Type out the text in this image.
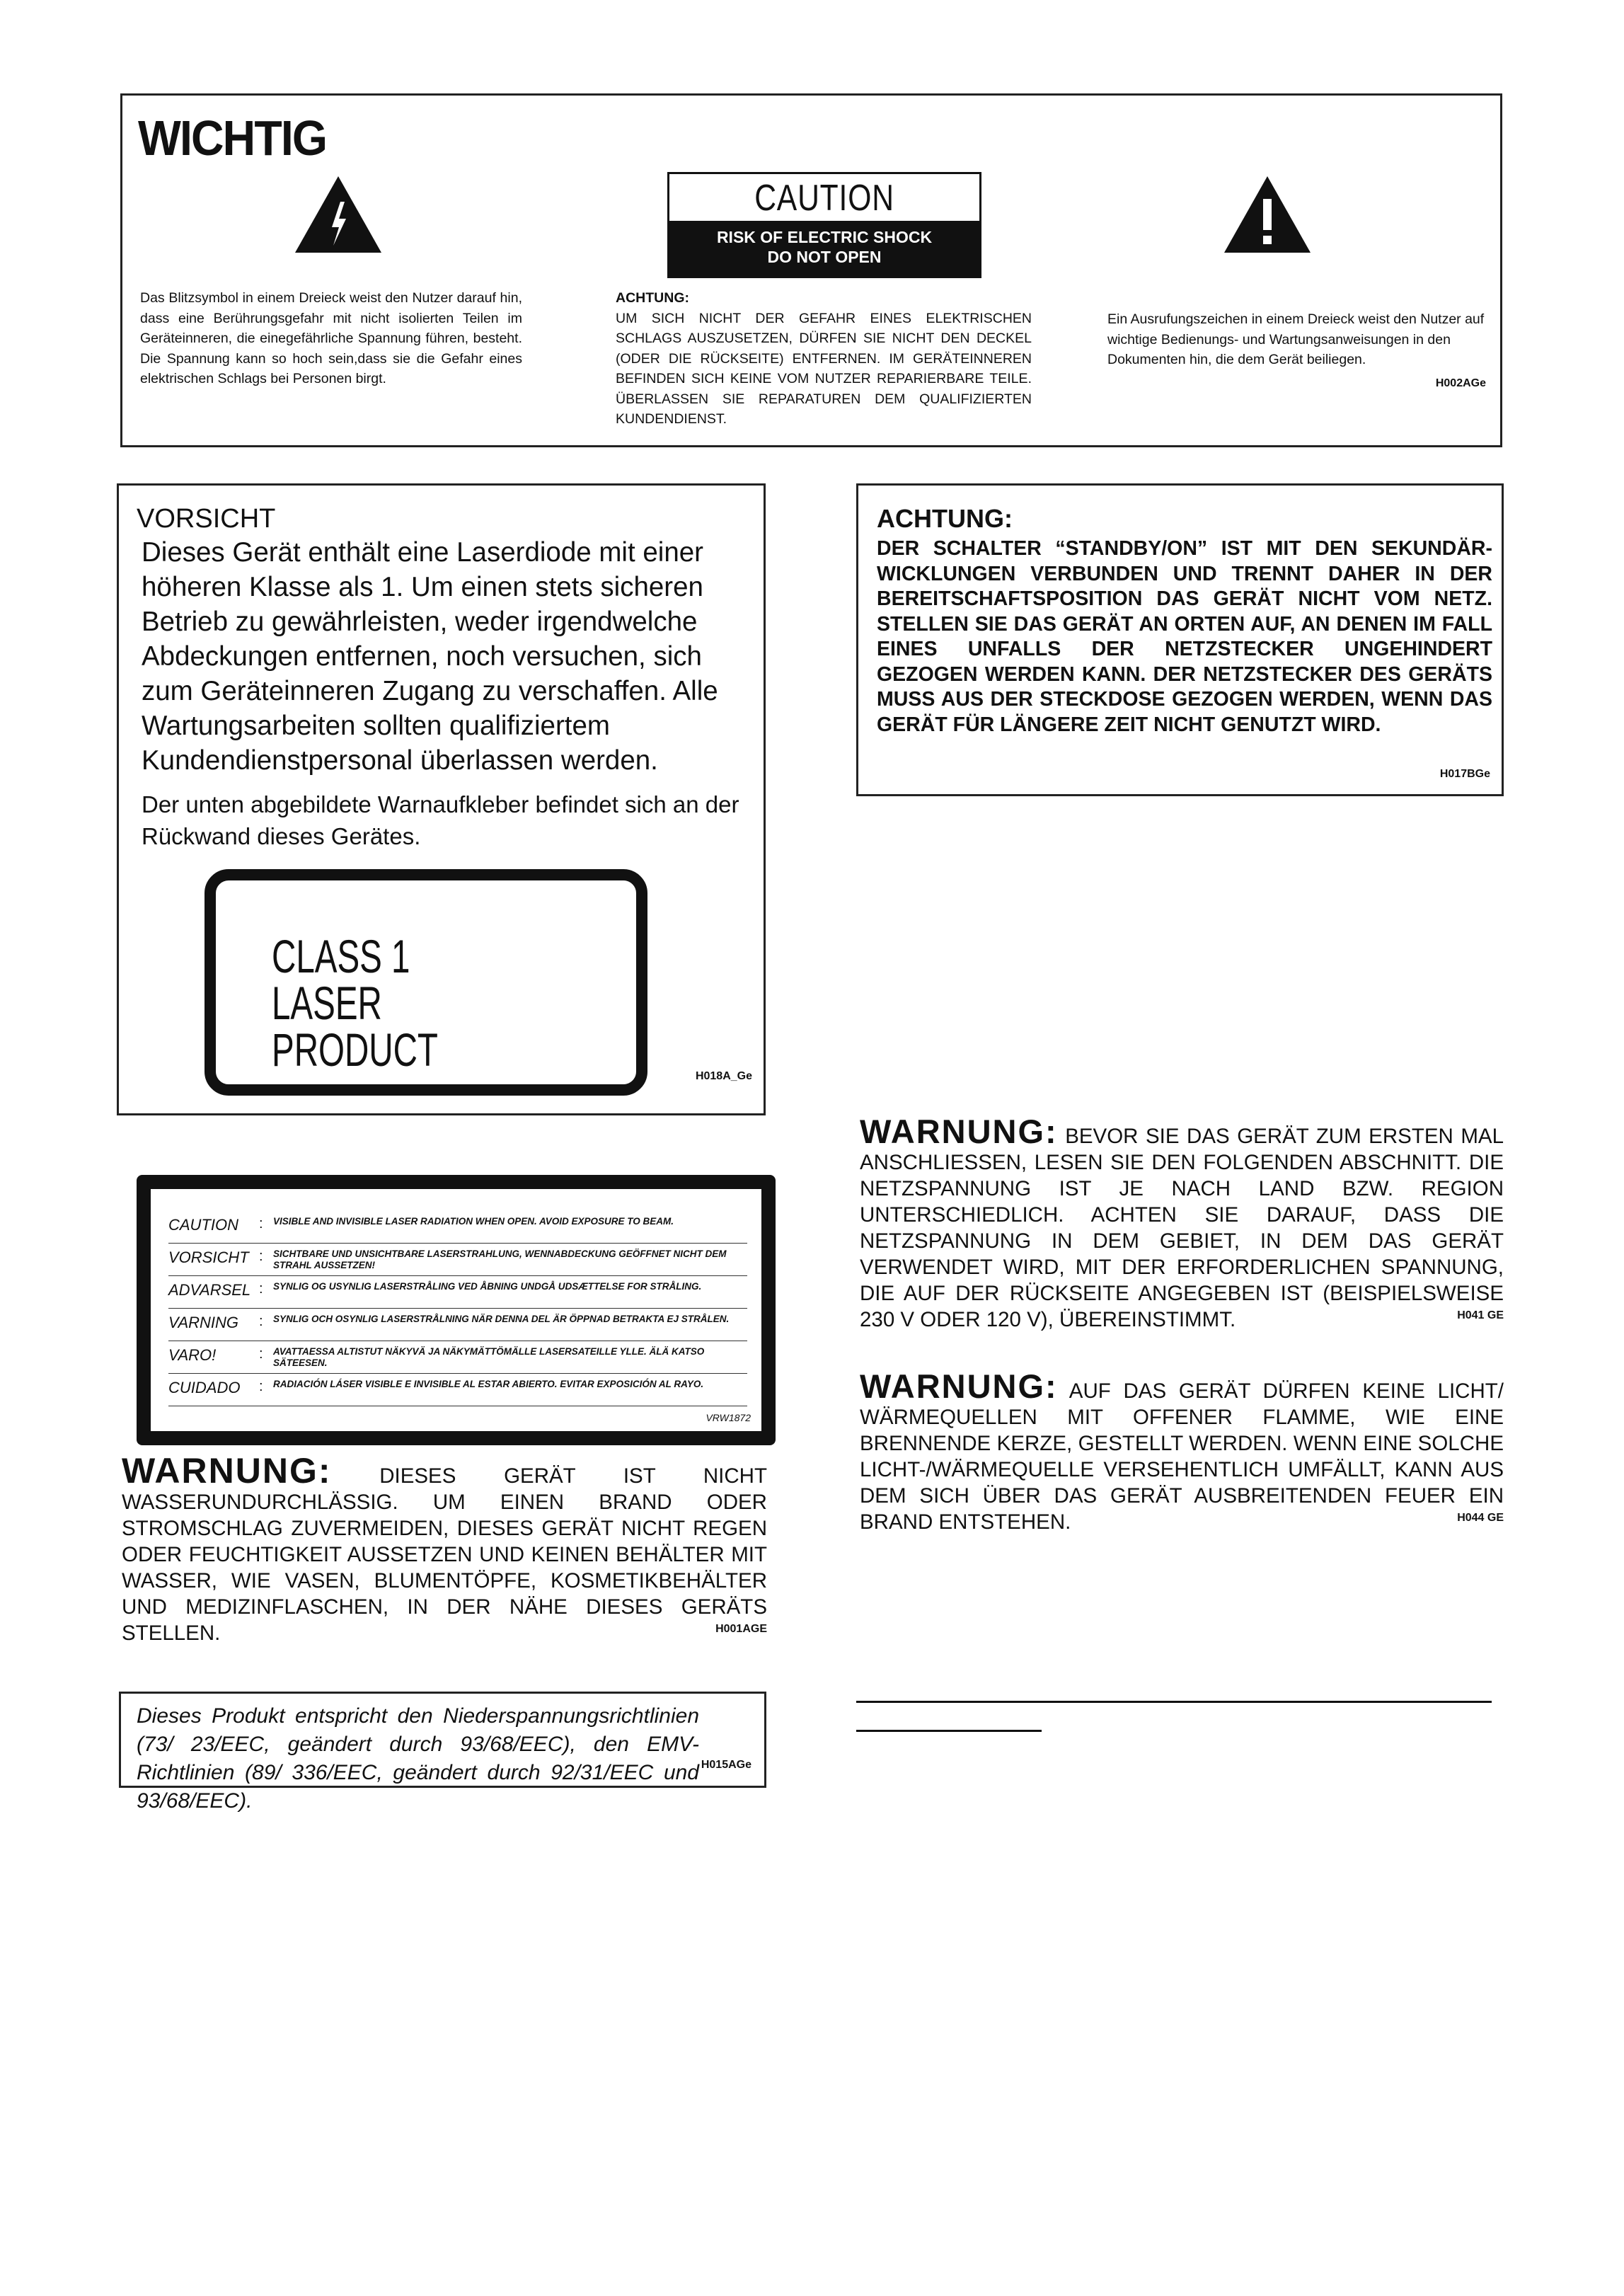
WICHTIG
CAUTION
RISK OF ELECTRIC SHOCK
DO NOT OPEN
Das Blitzsymbol in einem Dreieck weist den Nutzer darauf hin, dass eine Berührungsgefahr mit nicht isolierten Teilen im Geräteinneren, die einegefährliche Spannung führen, besteht. Die Spannung kann so hoch sein,dass sie die Gefahr eines elektrischen Schlags bei Personen birgt.
ACHTUNG:
UM SICH NICHT DER GEFAHR EINES ELEKTRISCHEN SCHLAGS AUSZUSETZEN, DÜRFEN SIE NICHT DEN DECKEL (ODER DIE RÜCKSEITE) ENTFERNEN. IM GERÄTEINNEREN BEFINDEN SICH KEINE VOM NUTZER REPARIERBARE TEILE. ÜBERLASSEN SIE REPARATUREN DEM QUALIFIZIERTEN KUNDENDIENST.
Ein Ausrufungszeichen in einem Dreieck weist den Nutzer auf wichtige Bedienungs- und Wartungsanweisungen in den Dokumenten hin, die dem Gerät beiliegen.
H002AGe
VORSICHT
Dieses Gerät enthält eine Laserdiode mit einer höheren Klasse als 1. Um einen stets sicheren Betrieb zu gewährleisten, weder irgendwelche Abdeckungen entfernen, noch versuchen, sich zum Geräteinneren Zugang zu verschaffen. Alle Wartungsarbeiten sollten qualifiziertem Kundendienstpersonal überlassen werden.
Der unten abgebildete Warnaufkleber befindet sich an der Rückwand dieses Gerätes.
CLASS 1
LASER PRODUCT
H018A_Ge
CAUTION	: VISIBLE AND INVISIBLE LASER RADIATION WHEN OPEN. AVOID EXPOSURE TO BEAM.
VORSICHT : SICHTBARE UND UNSICHTBARE LASERSTRAHLUNG, WENNABDECKUNG GEÖFFNET NICHT DEM STRAHL AUSSETZEN!
ADVARSEL : SYNLIG OG USYNLIG LASERSTRÅLING VED ÅBNING UNDGÅ UDSÆTTELSE FOR STRÅLING.
VARNING	: SYNLIG OCH OSYNLIG LASERSTRÅLNING NÄR DENNA DEL ÄR ÖPPNAD BETRAKTA EJ STRÅLEN.
VARO!	: AVATTAESSA ALTISTUT NÄKYVÄ JA NÄKYMÄTTÖMÄLLE LASERSATEILLE YLLE. ÄLÄ KATSO SÄTEESEN.
CUIDADO	: RADIACIÓN LÁSER VISIBLE E INVISIBLE AL ESTAR ABIERTO. EVITAR EXPOSICIÓN AL RAYO.
VRW1872
WARNUNG: DIESES GERÄT IST NICHT WASSERUNDURCHLÄSSIG. UM EINEN BRAND ODER STROMSCHLAG ZUVERMEIDEN, DIESES GERÄT NICHT REGEN ODER FEUCHTIGKEIT AUSSETZEN UND KEINEN BEHÄLTER MIT WASSER, WIE VASEN, BLUMENTÖPFE, KOSMETIKBEHÄLTER UND MEDIZINFLASCHEN, IN DER NÄHE DIESES GERÄTS STELLEN.	H001AGE
Dieses Produkt entspricht den Niederspannungsrichtlinien (73/ 23/EEC, geändert durch 93/68/EEC), den EMV-Richtlinien (89/ 336/EEC, geändert durch 92/31/EEC und 93/68/EEC).
H015AGe
ACHTUNG:
DER SCHALTER “STANDBY/ON” IST MIT DEN SEKUNDÄR-WICKLUNGEN VERBUNDEN UND TRENNT DAHER IN DER BEREITSCHAFTSPOSITION DAS GERÄT NICHT VOM NETZ. STELLEN SIE DAS GERÄT AN ORTEN AUF, AN DENEN IM FALL EINES UNFALLS DER NETZSTECKER UNGEHINDERT GEZOGEN WERDEN KANN. DER NETZSTECKER DES GERÄTS MUSS AUS DER STECKDOSE GEZOGEN WERDEN, WENN DAS GERÄT FÜR LÄNGERE ZEIT NICHT GENUTZT WIRD.
H017BGe
WARNUNG: BEVOR SIE DAS GERÄT ZUM ERSTEN MAL ANSCHLIESSEN, LESEN SIE DEN FOLGENDEN ABSCHNITT. DIE NETZSPANNUNG IST JE NACH LAND BZW. REGION UNTERSCHIEDLICH. ACHTEN SIE DARAUF, DASS DIE NETZSPANNUNG IN DEM GEBIET, IN DEM DAS GERÄT VERWENDET WIRD, MIT DER ERFORDERLICHEN SPANNUNG, DIE AUF DER RÜCKSEITE ANGEGEBEN IST (BEISPIELSWEISE 230 V ODER 120 V), ÜBEREINSTIMMT.	H041 GE
WARNUNG: AUF DAS GERÄT DÜRFEN KEINE LICHT/ WÄRMEQUELLEN MIT OFFENER FLAMME, WIE EINE BRENNENDE KERZE, GESTELLT WERDEN. WENN EINE SOLCHE LICHT-/WÄRMEQUELLE VERSEHENTLICH UMFÄLLT, KANN AUS DEM SICH ÜBER DAS GERÄT AUSBREITENDEN FEUER EIN BRAND ENTSTEHEN.	H044 GE
